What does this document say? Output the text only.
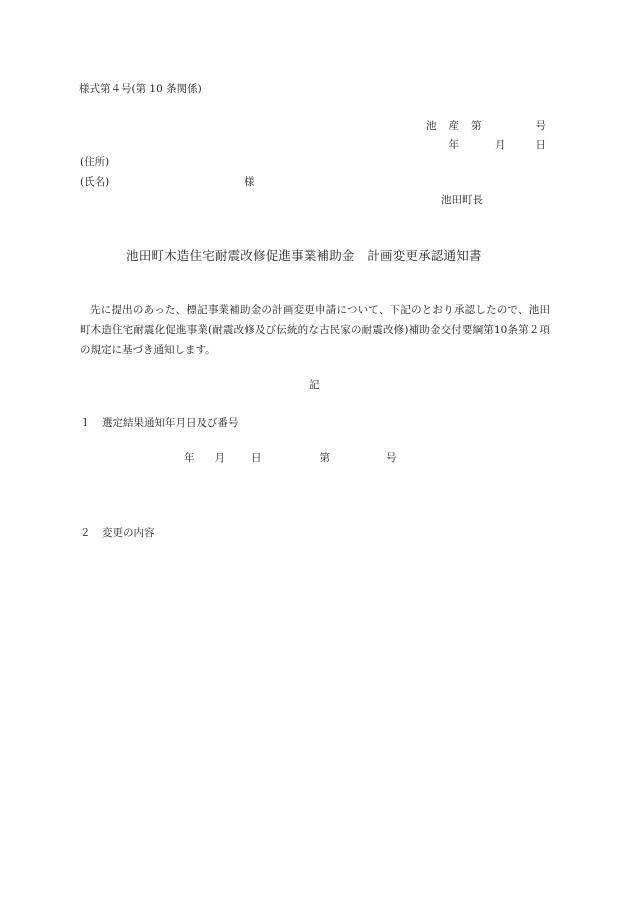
様式第４号(第 10 条関係)
池 産 第	号
年	月	日
(住所)
(氏名)	様
池田町長
池田町木造住宅耐震改修促進事業補助金　計画変更承認通知書
先に提出のあった、標記事業補助金の計画変更申請について、下記のとおり承認したので、池田町木造住宅耐震化促進事業(耐震改修及び伝統的な古民家の耐震改修)補助金交付要綱第10条第２項の規定に基づき通知します。
記
１ 選定結果通知年月日及び番号
年 月 日	第	号
２ 変更の内容
